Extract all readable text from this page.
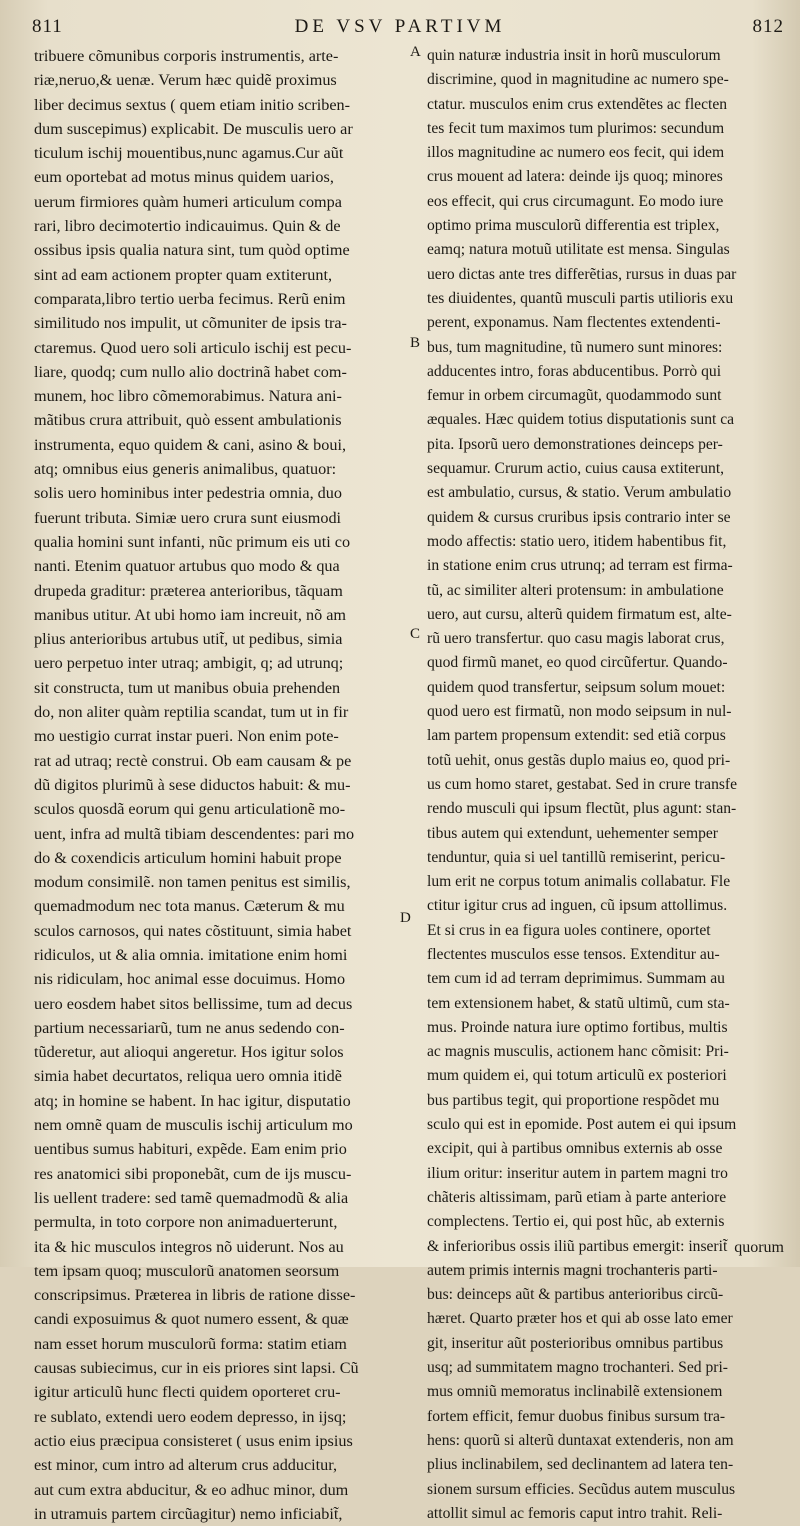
811	DE VSV PARTIVM	812
tribuere cõmunibus corporis instrumentis, arte-
riæ,neruo,& uenæ. Verum hæc quidẽ proximus
liber decimus sextus ( quem etiam initio scriben-
dum suscepimus) explicabit. De musculis uero ar
ticulum ischij mouentibus,nunc agamus.Cur aũt
eum oportebat ad motus minus quidem uarios,
uerum firmiores quàm humeri articulum compa
rari, libro decimotertio indicauimus. Quin & de
ossibus ipsis qualia natura sint, tum quòd optime
sint ad eam actionem propter quam extiterunt,
comparata,libro tertio uerba fecimus. Rerũ enim
similitudo nos impulit, ut cõmuniter de ipsis tra-
ctaremus. Quod uero soli articulo ischij est pecu-
liare, quodq; cum nullo alio doctrinã habet com-
munem, hoc libro cõmemorabimus. Natura ani-
mãtibus crura attribuit, quò essent ambulationis
instrumenta, equo quidem & cani, asino & boui,
atq; omnibus eius generis animalibus, quatuor:
solis uero hominibus inter pedestria omnia, duo
fuerunt tributa. Simiæ uero crura sunt eiusmodi
qualia homini sunt infanti, nũc primum eis uti co
nanti. Etenim quatuor artubus quo modo & qua
drupeda graditur: præterea anterioribus, tãquam
manibus utitur. At ubi homo iam increuit, nõ am
plius anterioribus artubus utit̃, ut pedibus, simia
uero perpetuo inter utraq; ambigit, q; ad utrunq;
sit constructa, tum ut manibus obuia prehenden
do, non aliter quàm reptilia scandat, tum ut in fir
mo uestigio currat instar pueri. Non enim pote-
rat ad utraq; rectè construi. Ob eam causam & pe
dũ digitos plurimũ à sese diductos habuit: & mu-
sculos quosdã eorum qui genu articulationẽ mo-
uent, infra ad multã tibiam descendentes: pari mo
do & coxendicis articulum homini habuit prope
modum consimilẽ. non tamen penitus est similis,
quemadmodum nec tota manus. Cæterum & mu
sculos carnosos, qui nates cõstituunt, simia habet
ridiculos, ut & alia omnia. imitatione enim homi
nis ridiculam, hoc animal esse docuimus. Homo
uero eosdem habet sitos bellissime, tum ad decus
partium necessariarũ, tum ne anus sedendo con-
tũderetur, aut alioqui angeretur. Hos igitur solos
simia habet decurtatos, reliqua uero omnia itidẽ
atq; in homine se habent. In hac igitur, disputatio
nem omnẽ quam de musculis ischij articulum mo
uentibus sumus habituri, expẽde. Eam enim prio
res anatomici sibi proponebãt, cum de ijs muscu-
lis uellent tradere: sed tamẽ quemadmodũ & alia
permulta, in toto corpore non animaduerterunt,
ita & hic musculos integros nõ uiderunt. Nos au
tem ipsam quoq; musculorũ anatomen seorsum
conscripsimus. Præterea in libris de ratione disse-
candi exposuimus & quot numero essent, & quæ
nam esset horum musculorũ forma: statim etiam
causas subiecimus, cur in eis priores sint lapsi. Cũ
igitur articulũ hunc flecti quidem oporteret cru-
re sublato, extendi uero eodem depresso, in ijsq;
actio eius præcipua consisteret ( usus enim ipsius
est minor, cum intro ad alterum crus adducitur,
aut cum extra abducitur, & eo adhuc minor, dum
in utramuis partem circũagitur) nemo inficiabit̃,
A
B
C
D
quin naturæ industria insit in horũ musculorum
discrimine, quod in magnitudine ac numero spe-
ctatur. musculos enim crus extendẽtes ac flecten
tes fecit tum maximos tum plurimos: secundum
illos magnitudine ac numero eos fecit, qui idem
crus mouent ad latera: deinde ijs quoq; minores
eos effecit, qui crus circumagunt. Eo modo iure
optimo prima musculorũ differentia est triplex,
eamq; natura motuũ utilitate est mensa. Singulas
uero dictas ante tres differẽtias, rursus in duas par
tes diuidentes, quantũ musculi partis utilioris exu
perent, exponamus. Nam flectentes extendenti-
bus, tum magnitudine, tũ numero sunt minores:
adducentes intro, foras abducentibus. Porrò qui
femur in orbem circumagũt, quodammodo sunt
æquales. Hæc quidem totius disputationis sunt ca
pita. Ipsorũ uero demonstrationes deinceps per-
sequamur. Crurum actio, cuius causa extiterunt,
est ambulatio, cursus, & statio. Verum ambulatio
quidem & cursus cruribus ipsis contrario inter se
modo affectis: statio uero, itidem habentibus fit,
in statione enim crus utrunq; ad terram est firma-
tũ, ac similiter alteri protensum: in ambulatione
uero, aut cursu, alterũ quidem firmatum est, alte-
rũ uero transfertur. quo casu magis laborat crus,
quod firmũ manet, eo quod circũfertur. Quando-
quidem quod transfertur, seipsum solum mouet:
quod uero est firmatũ, non modo seipsum in nul-
lam partem propensum extendit: sed etiã corpus
totũ uehit, onus gestãs duplo maius eo, quod pri-
us cum homo staret, gestabat. Sed in crure transfe
rendo musculi qui ipsum flectũt, plus agunt: stan-
tibus autem qui extendunt, uehementer semper
tenduntur, quia si uel tantillũ remiserint, pericu-
lum erit ne corpus totum animalis collabatur. Fle
ctitur igitur crus ad inguen, cũ ipsum attollimus.
Et si crus in ea figura uoles continere, oportet
flectentes musculos esse tensos. Extenditur au-
tem cum id ad terram deprimimus. Summam au
tem extensionem habet, & statũ ultimũ, cum sta-
mus. Proinde natura iure optimo fortibus, multis
ac magnis musculis, actionem hanc cõmisit: Pri-
mum quidem ei, qui totum articulũ ex posteriori
bus partibus tegit, qui proportione respõdet mu
sculo qui est in epomide. Post autem ei qui ipsum
excipit, qui à partibus omnibus externis ab osse
ilium oritur: inseritur autem in partem magni tro
chãteris altissimam, parũ etiam à parte anteriore
complectens. Tertio ei, qui post hũc, ab externis
& inferioribus ossis iliũ partibus emergit: inserit̃
autem primis internis magni trochanteris parti-
bus: deinceps aũt & partibus anterioribus circũ-
hæret. Quarto præter hos et qui ab osse lato emer
git, inseritur aũt posterioribus omnibus partibus
usq; ad summitatem magno trochanteri. Sed pri-
mus omniũ memoratus inclinabilẽ extensionem
fortem efficit, femur duobus finibus sursum tra-
hens: quorũ si alterũ duntaxat extenderis, non am
plius inclinabilem, sed declinantem ad latera ten-
sionem sursum efficies. Secũdus autem musculus
attollit simul ac femoris caput intro trahit. Reli-
quorum
